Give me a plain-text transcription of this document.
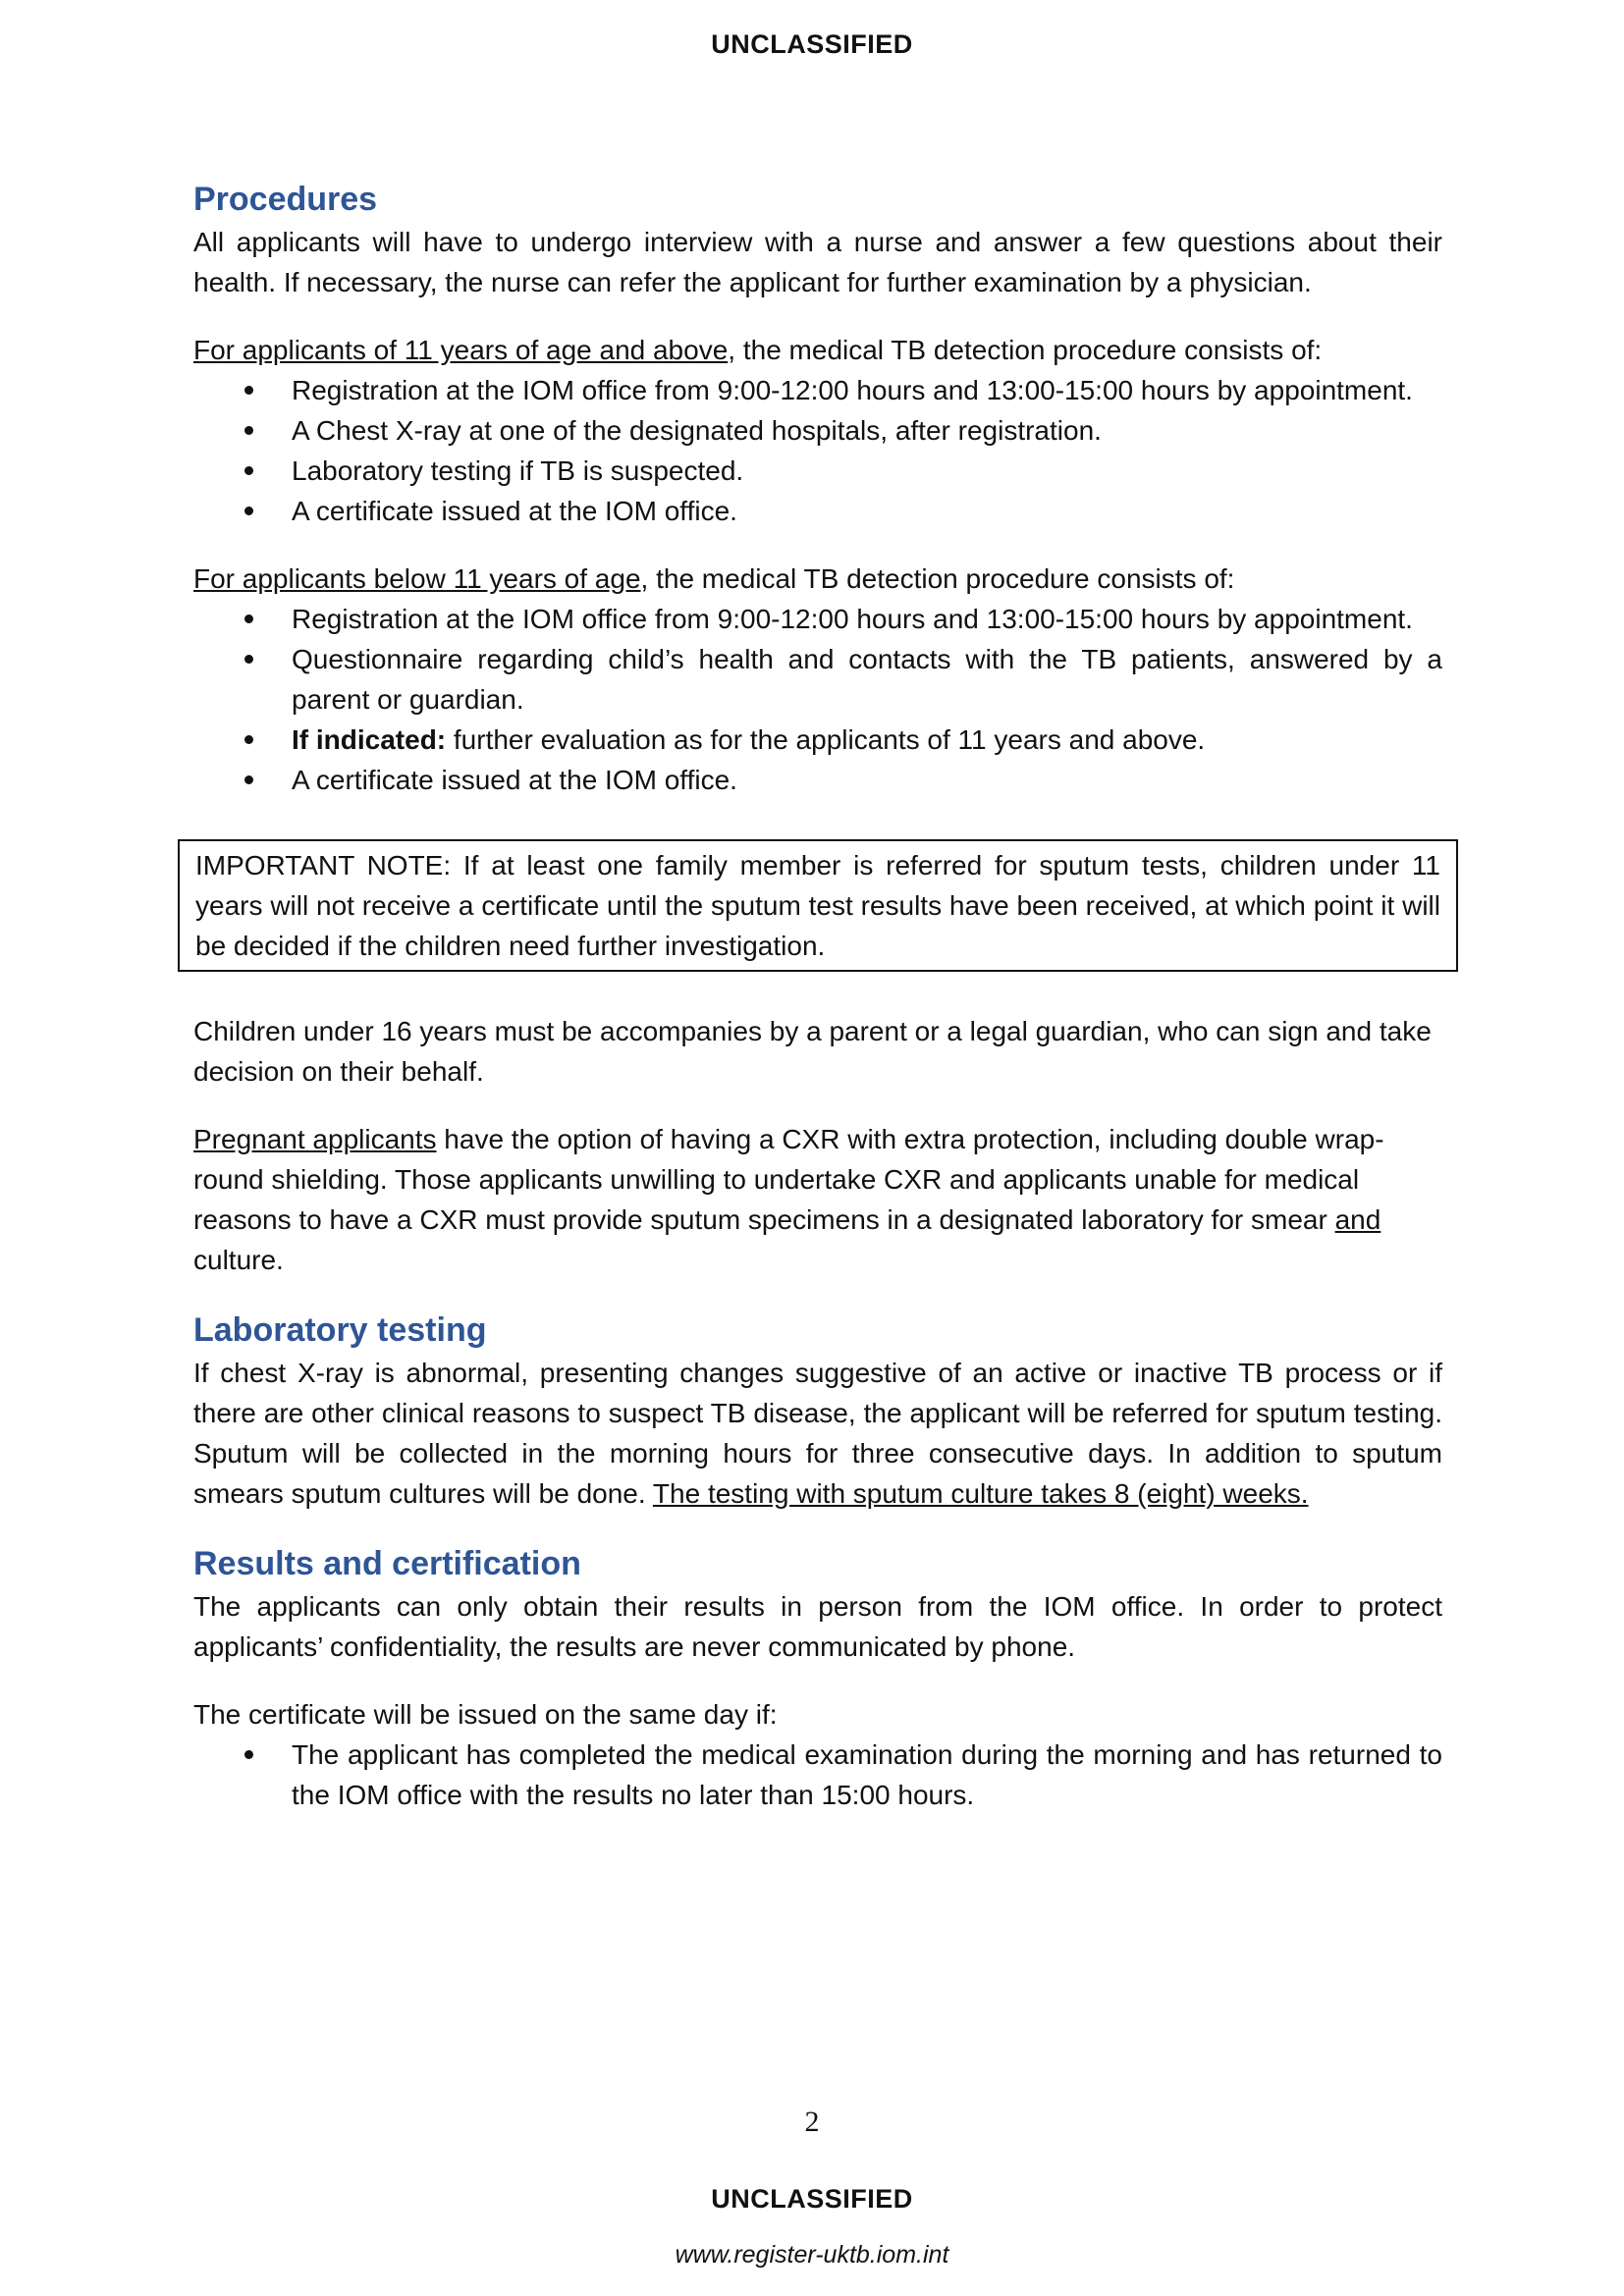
UNCLASSIFIED
Procedures

All applicants will have to undergo interview with a nurse and answer a few questions about their health. If necessary, the nurse can refer the applicant for further examination by a physician.

For applicants of 11 years of age and above, the medical TB detection procedure consists of:

Registration at the IOM office from 9:00-12:00 hours and 13:00-15:00 hours by appointment.
A Chest X-ray at one of the designated hospitals, after registration.
Laboratory testing if TB is suspected.
A certificate issued at the IOM office.

For applicants below 11 years of age, the medical TB detection procedure consists of:

Registration at the IOM office from 9:00-12:00 hours and 13:00-15:00 hours by appointment.
Questionnaire regarding child’s health and contacts with the TB patients, answered by a parent or guardian.
If indicated: further evaluation as for the applicants of 11 years and above.
A certificate issued at the IOM office.

IMPORTANT NOTE: If at least one family member is referred for sputum tests, children under 11 years will not receive a certificate until the sputum test results have been received, at which point it will be decided if the children need further investigation.

Children under 16 years must be accompanies by a parent or a legal guardian, who can sign and take decision on their behalf.

Pregnant applicants have the option of having a CXR with extra protection, including double wrap-round shielding. Those applicants unwilling to undertake CXR and applicants unable for medical reasons to have a CXR must provide sputum specimens in a designated laboratory for smear and culture.

Laboratory testing

If chest X-ray is abnormal, presenting changes suggestive of an active or inactive TB process or if there are other clinical reasons to suspect TB disease, the applicant will be referred for sputum testing. Sputum will be collected in the morning hours for three consecutive days. In addition to sputum smears sputum cultures will be done. The testing with sputum culture takes 8 (eight) weeks.

Results and certification

The applicants can only obtain their results in person from the IOM office. In order to protect applicants’ confidentiality, the results are never communicated by phone.

The certificate will be issued on the same day if:

The applicant has completed the medical examination during the morning and has returned to the IOM office with the results no later than 15:00 hours.
2
UNCLASSIFIED
www.register-uktb.iom.int
